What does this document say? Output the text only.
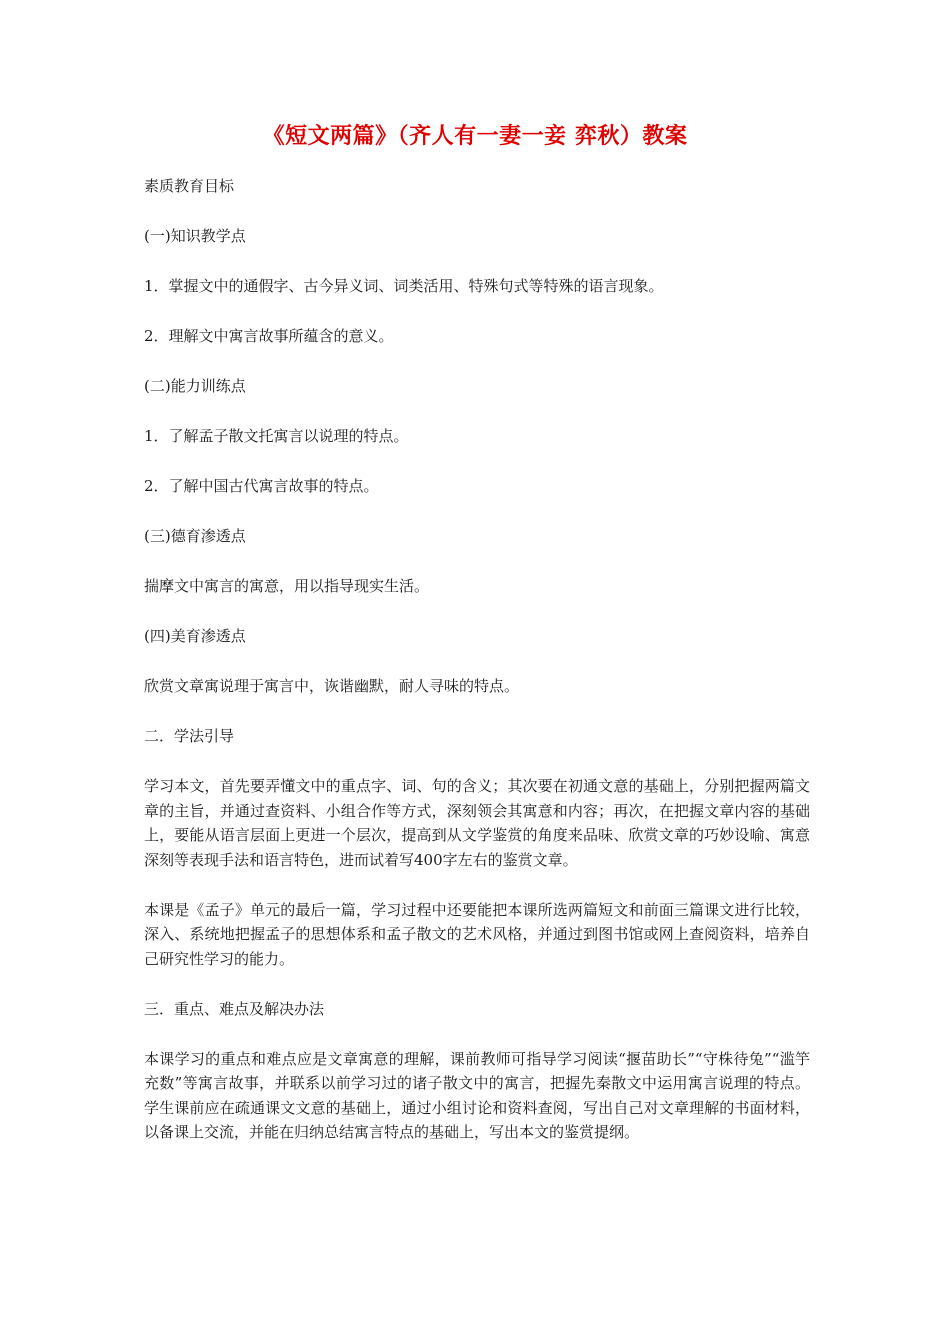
《短文两篇》（齐人有一妻一妾 弈秋）教案
素质教育目标
(一)知识教学点
1．掌握文中的通假字、古今异义词、词类活用、特殊句式等特殊的语言现象。
2．理解文中寓言故事所蕴含的意义。
(二)能力训练点
1．了解孟子散文托寓言以说理的特点。
2．了解中国古代寓言故事的特点。
(三)德育渗透点
揣摩文中寓言的寓意，用以指导现实生活。
(四)美育渗透点
欣赏文章寓说理于寓言中，诙谐幽默，耐人寻味的特点。
二．学法引导
学习本文，首先要弄懂文中的重点字、词、句的含义；其次要在初通文意的基础上，分别把握两篇文章的主旨，并通过查资料、小组合作等方式，深刻领会其寓意和内容；再次，在把握文章内容的基础上，要能从语言层面上更进一个层次，提高到从文学鉴赏的角度来品味、欣赏文章的巧妙设喻、寓意深刻等表现手法和语言特色，进而试着写400字左右的鉴赏文章。
本课是《孟子》单元的最后一篇，学习过程中还要能把本课所选两篇短文和前面三篇课文进行比较，深入、系统地把握孟子的思想体系和孟子散文的艺术风格，并通过到图书馆或网上查阅资料，培养自己研究性学习的能力。
三．重点、难点及解决办法
本课学习的重点和难点应是文章寓意的理解，课前教师可指导学习阅读“揠苗助长”“守株待兔”“滥竽充数”等寓言故事，并联系以前学习过的诸子散文中的寓言，把握先秦散文中运用寓言说理的特点。学生课前应在疏通课文文意的基础上，通过小组讨论和资料查阅，写出自己对文章理解的书面材料，以备课上交流，并能在归纳总结寓言特点的基础上，写出本文的鉴赏提纲。
